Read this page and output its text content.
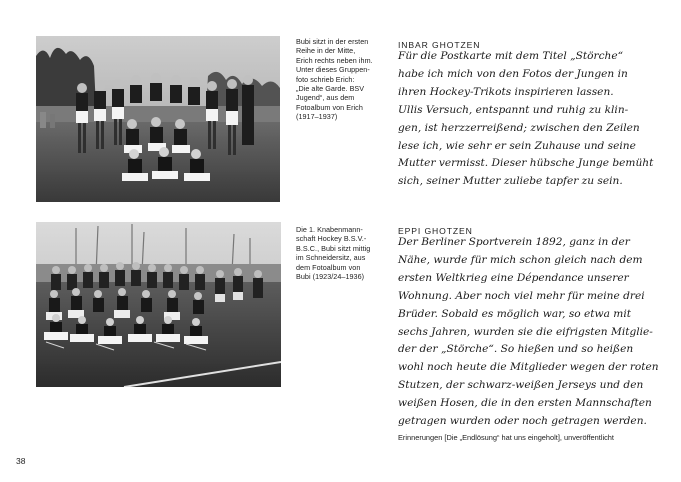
Bubi sitzt in der ersten
Reihe in der Mitte,
Erich rechts neben ihm.
Unter dieses Gruppen-
foto schrieb Erich:
„Die alte Garde. BSV
Jugend“, aus dem
Fotoalbum von Erich
(1917–1937)
INBAR GHOTZEN
Für die Postkarte mit dem Titel „Störche“
habe ich mich von den Fotos der Jungen in
ihren Hockey-Trikots inspirieren lassen.
Ullis Versuch, entspannt und ruhig zu klin-
gen, ist herzzerreißend; zwischen den Zeilen
lese ich, wie sehr er sein Zuhause und seine
Mutter vermisst. Dieser hübsche Junge bemüht
sich, seiner Mutter zuliebe tapfer zu sein.
Die 1. Knabenmann-
schaft Hockey B.S.V.-
B.S.C., Bubi sitzt mittig
im Schneidersitz, aus
dem Fotoalbum von
Bubi (1923/24–1936)
EPPI GHOTZEN
Der Berliner Sportverein 1892, ganz in der
Nähe, wurde für mich schon gleich nach dem
ersten Weltkrieg eine Dépendance unserer
Wohnung. Aber noch viel mehr für meine drei
Brüder. Sobald es möglich war, so etwa mit
sechs Jahren, wurden sie die eifrigsten Mitglie-
der der „Störche“. So hießen und so heißen
wohl noch heute die Mitglieder wegen der roten
Stutzen, der schwarz-weißen Jerseys und den
weißen Hosen, die in den ersten Mannschaften
getragen wurden oder noch getragen werden.
Erinnerungen [Die „Endlösung“ hat uns eingeholt], unveröffentlicht
38
